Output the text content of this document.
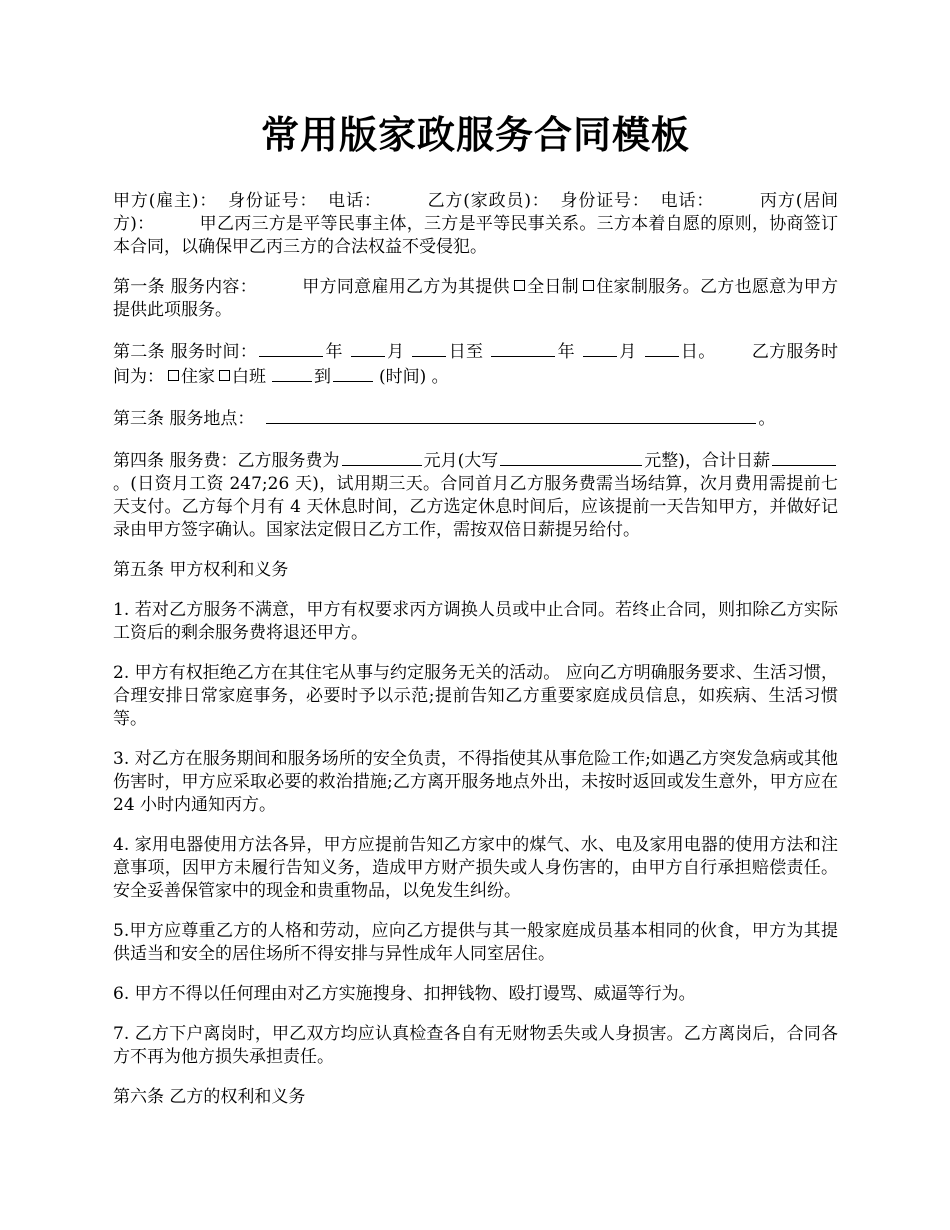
常用版家政服务合同模板

甲方(雇主)： 身份证号： 电话：	乙方(家政员)： 身份证号： 电话：	丙方(居间方)：	甲乙丙三方是平等民事主体，三方是平等民事关系。三方本着自愿的原则，协商签订本合同，以确保甲乙丙三方的合法权益不受侵犯。

第一条 服务内容：	甲方同意雇用乙方为其提供 全日制 住家制服务。乙方也愿意为甲方提供此项服务。

第二条 服务时间：	年	月	日至	年	月	日。 乙方服务时间为： 住家 白班	到	(时间) 。

第三条 服务地点：	。

第四条 服务费：乙方服务费为	元月(大写	元整)，合计日薪。(日资月工资 247;26 天)，试用期三天。合同首月乙方服务费需当场结算，次月费用需提前七天支付。乙方每个月有 4 天休息时间，乙方选定休息时间后，应该提前一天告知甲方，并做好记录由甲方签字确认。国家法定假日乙方工作，需按双倍日薪提另给付。

第五条 甲方权利和义务

1. 若对乙方服务不满意，甲方有权要求丙方调换人员或中止合同。若终止合同，则扣除乙方实际工资后的剩余服务费将退还甲方。

2. 甲方有权拒绝乙方在其住宅从事与约定服务无关的活动。 应向乙方明确服务要求、生活习惯，合理安排日常家庭事务，必要时予以示范;提前告知乙方重要家庭成员信息，如疾病、生活习惯等。

3. 对乙方在服务期间和服务场所的安全负责，不得指使其从事危险工作;如遇乙方突发急病或其他伤害时，甲方应采取必要的救治措施;乙方离开服务地点外出，未按时返回或发生意外，甲方应在 24 小时内通知丙方。

4. 家用电器使用方法各异，甲方应提前告知乙方家中的煤气、水、电及家用电器的使用方法和注意事项，因甲方未履行告知义务，造成甲方财产损失或人身伤害的，由甲方自行承担赔偿责任。安全妥善保管家中的现金和贵重物品，以免发生纠纷。

5.甲方应尊重乙方的人格和劳动，应向乙方提供与其一般家庭成员基本相同的伙食，甲方为其提供适当和安全的居住场所不得安排与异性成年人同室居住。

6. 甲方不得以任何理由对乙方实施搜身、扣押钱物、殴打谩骂、威逼等行为。

7. 乙方下户离岗时，甲乙双方均应认真检查各自有无财物丢失或人身损害。乙方离岗后，合同各方不再为他方损失承担责任。

第六条 乙方的权利和义务
